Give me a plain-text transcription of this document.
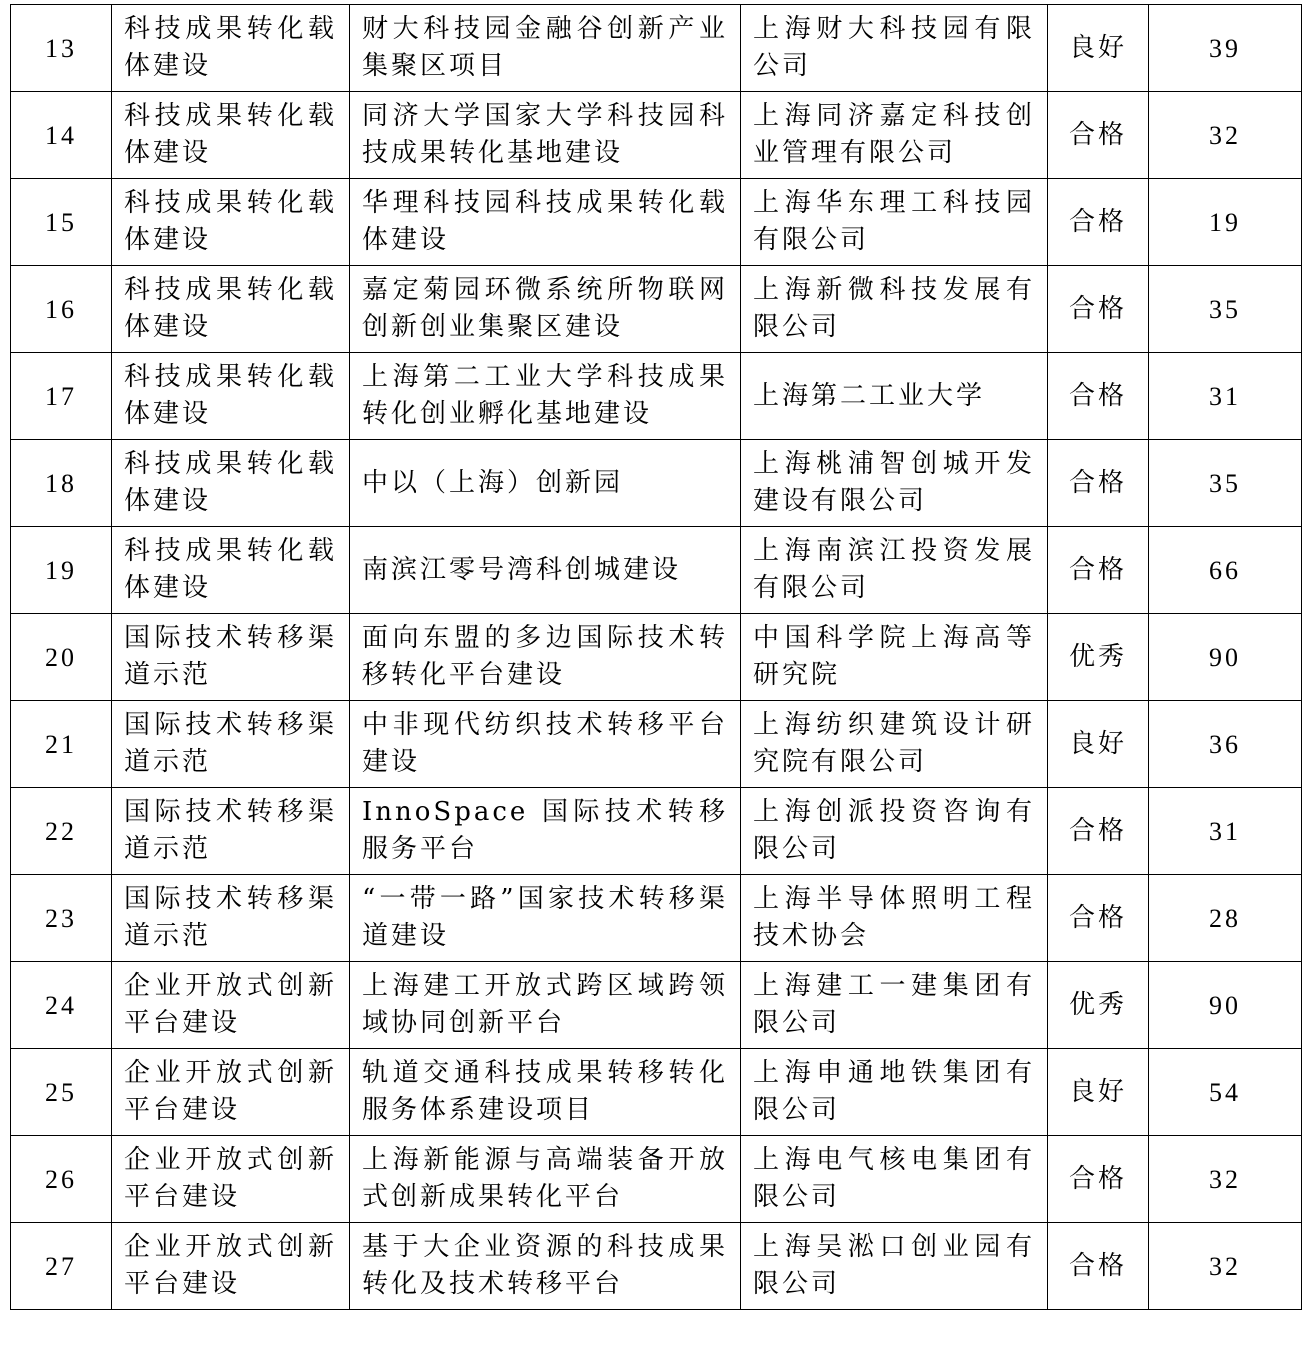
13	科技成果转化载体建设	财大科技园金融谷创新产业集聚区项目	上海财大科技园有限公司	良好	39
14	科技成果转化载体建设	同济大学国家大学科技园科技成果转化基地建设	上海同济嘉定科技创业管理有限公司	合格	32
15	科技成果转化载体建设	华理科技园科技成果转化载体建设	上海华东理工科技园有限公司	合格	19
16	科技成果转化载体建设	嘉定菊园环微系统所物联网创新创业集聚区建设	上海新微科技发展有限公司	合格	35
17	科技成果转化载体建设	上海第二工业大学科技成果转化创业孵化基地建设	上海第二工业大学	合格	31
18	科技成果转化载体建设	中以（上海）创新园	上海桃浦智创城开发建设有限公司	合格	35
19	科技成果转化载体建设	南滨江零号湾科创城建设	上海南滨江投资发展有限公司	合格	66
20	国际技术转移渠道示范	面向东盟的多边国际技术转移转化平台建设	中国科学院上海高等研究院	优秀	90
21	国际技术转移渠道示范	中非现代纺织技术转移平台建设	上海纺织建筑设计研究院有限公司	良好	36
22	国际技术转移渠道示范	InnoSpace 国际技术转移服务平台	上海创派投资咨询有限公司	合格	31
23	国际技术转移渠道示范	“一带一路”国家技术转移渠道建设	上海半导体照明工程技术协会	合格	28
24	企业开放式创新平台建设	上海建工开放式跨区域跨领域协同创新平台	上海建工一建集团有限公司	优秀	90
25	企业开放式创新平台建设	轨道交通科技成果转移转化服务体系建设项目	上海申通地铁集团有限公司	良好	54
26	企业开放式创新平台建设	上海新能源与高端装备开放式创新成果转化平台	上海电气核电集团有限公司	合格	32
27	企业开放式创新平台建设	基于大企业资源的科技成果转化及技术转移平台	上海吴淞口创业园有限公司	合格	32
